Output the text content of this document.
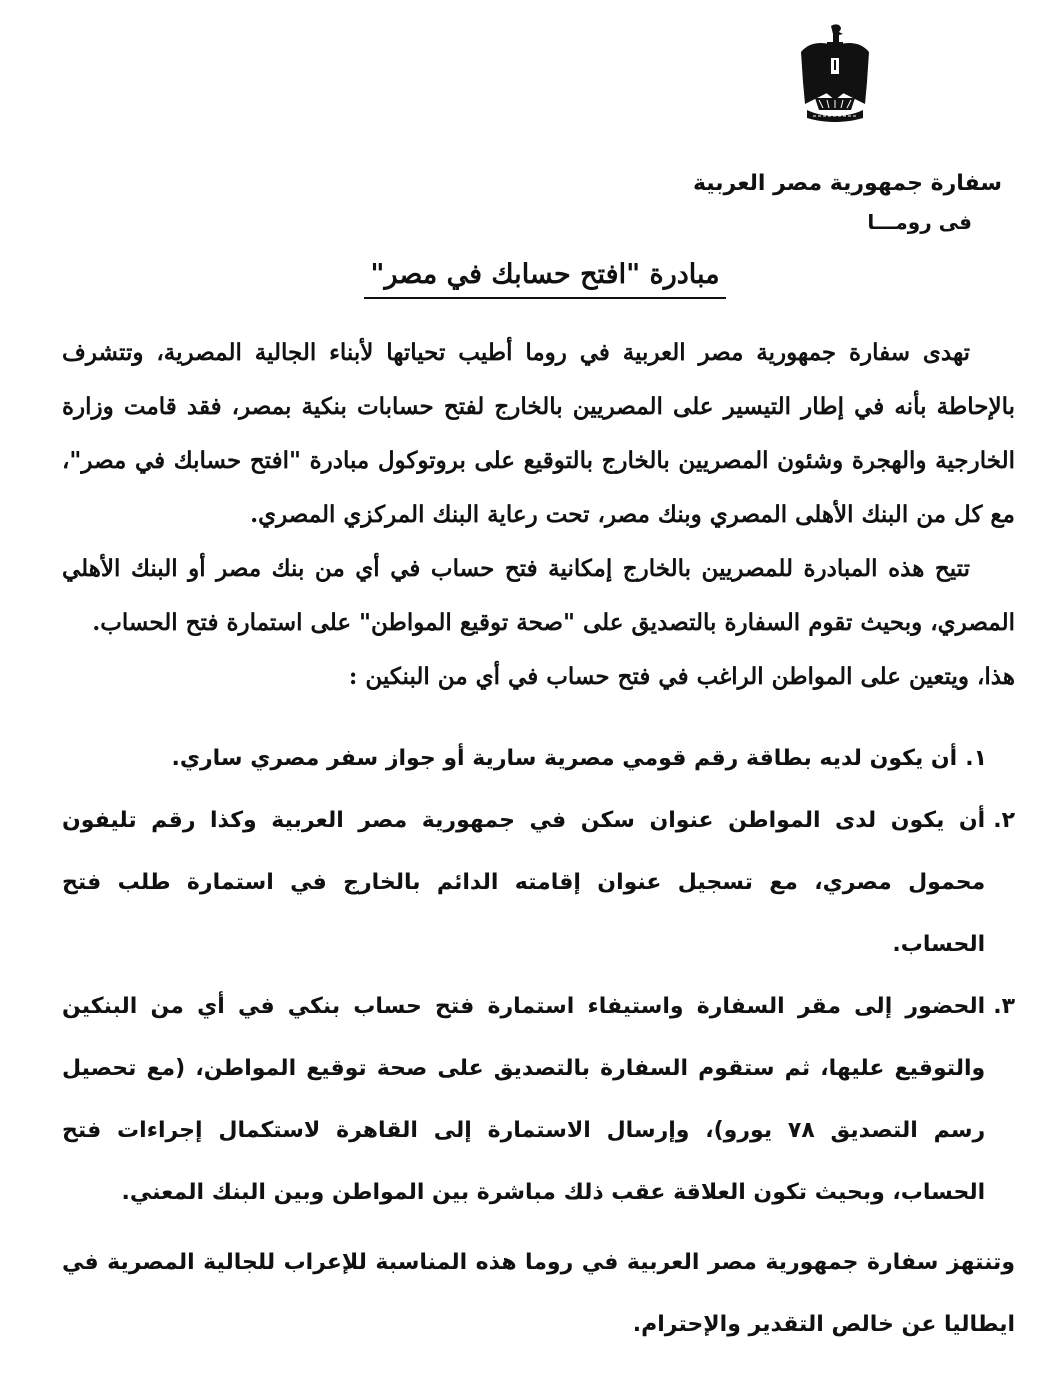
سفارة جمهورية مصر العربية
فى رومـــا
مبادرة "افتح حسابك في مصر"

تهدى سفارة جمهورية مصر العربية في روما أطيب تحياتها لأبناء الجالية المصرية، وتتشرف بالإحاطة بأنه في إطار التيسير على المصريين بالخارج لفتح حسابات بنكية بمصر، فقد قامت وزارة الخارجية والهجرة وشئون المصريين بالخارج بالتوقيع على بروتوكول مبادرة "افتح حسابك في مصر"، مع كل من البنك الأهلى المصري وبنك مصر، تحت رعاية البنك المركزي المصري.

تتيح هذه المبادرة للمصريين بالخارج إمكانية فتح حساب في أي من بنك مصر أو البنك الأهلي المصري، وبحيث تقوم السفارة بالتصديق على "صحة توقيع المواطن" على استمارة فتح الحساب.

هذا، ويتعين على المواطن الراغب في فتح حساب في أي من البنكين :

١.
أن يكون لديه بطاقة رقم قومي مصرية سارية أو جواز سفر مصري ساري.
٢.
أن يكون لدى المواطن عنوان سكن في جمهورية مصر العربية وكذا رقم تليفون محمول مصري، مع تسجيل عنوان إقامته الدائم بالخارج في استمارة طلب فتح الحساب.
٣.
الحضور إلى مقر السفارة واستيفاء استمارة فتح حساب بنكي في أي من البنكين والتوقيع عليها، ثم ستقوم السفارة بالتصديق على صحة توقيع المواطن، (مع تحصيل رسم التصديق ٧٨ يورو)، وإرسال الاستمارة إلى القاهرة لاستكمال إجراءات فتح الحساب، وبحيث تكون العلاقة عقب ذلك مباشرة بين المواطن وبين البنك المعني.

وتنتهز سفارة جمهورية مصر العربية في روما هذه المناسبة للإعراب للجالية المصرية في ايطاليا عن خالص التقدير والإحترام.
